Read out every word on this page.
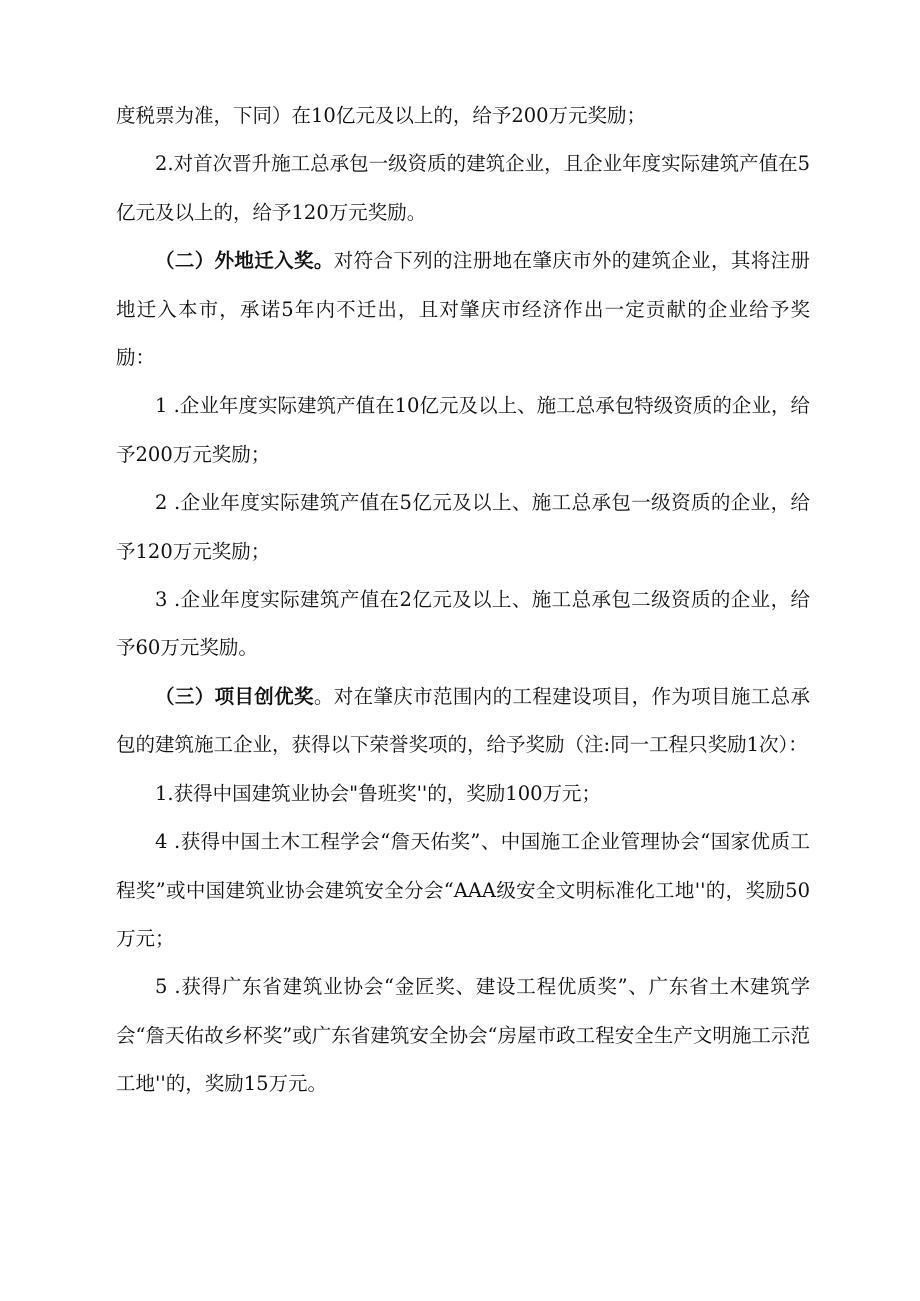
度税票为准，下同）在10亿元及以上的，给予200万元奖励；

2.对首次晋升施工总承包一级资质的建筑企业，且企业年度实际建筑产值在5亿元及以上的，给予120万元奖励。

（二）外地迁入奖。对符合下列的注册地在肇庆市外的建筑企业，其将注册地迁入本市，承诺5年内不迁出，且对肇庆市经济作出一定贡献的企业给予奖励：

1 .企业年度实际建筑产值在10亿元及以上、施工总承包特级资质的企业，给予200万元奖励；

2 .企业年度实际建筑产值在5亿元及以上、施工总承包一级资质的企业，给予120万元奖励；

3 .企业年度实际建筑产值在2亿元及以上、施工总承包二级资质的企业，给予60万元奖励。

（三）项目创优奖。对在肇庆市范围内的工程建设项目，作为项目施工总承包的建筑施工企业，获得以下荣誉奖项的，给予奖励（注:同一工程只奖励1次）：

1.获得中国建筑业协会"鲁班奖''的，奖励100万元；

4 .获得中国土木工程学会“詹天佑奖”、中国施工企业管理协会“国家优质工程奖”或中国建筑业协会建筑安全分会“AAA级安全文明标准化工地''的，奖励50万元；

5 .获得广东省建筑业协会“金匠奖、建设工程优质奖”、广东省土木建筑学会“詹天佑故乡杯奖”或广东省建筑安全协会“房屋市政工程安全生产文明施工示范工地''的，奖励15万元。
